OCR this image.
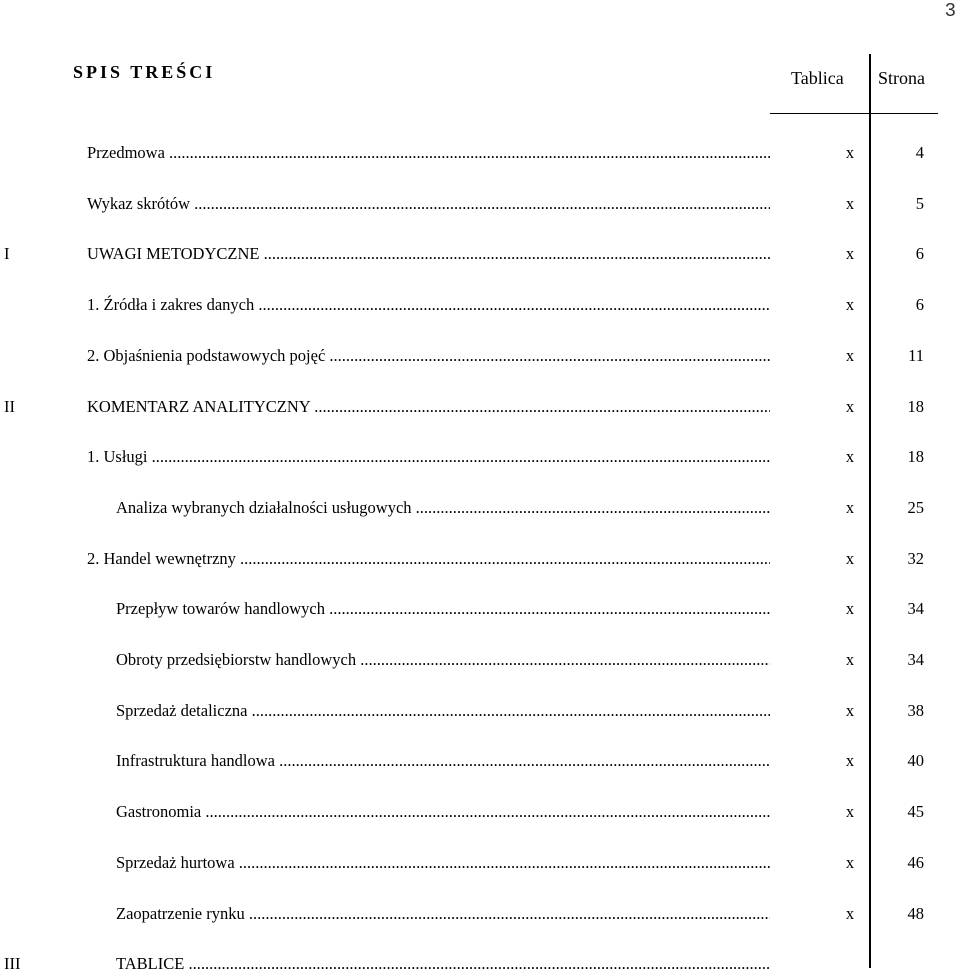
3
SPIS TREŚCI	Tablica Strona
Przedmowa .....	x	4
Wykaz skrótów .....	x	5
I	UWAGI METODYCZNE .....	x	6
1. Źródła i zakres danych .....	x	6
2. Objaśnienia podstawowych pojęć .....	x	11
II	KOMENTARZ ANALITYCZNY .....	x	18
1. Usługi .....	x	18
Analiza wybranych działalności usługowych .....	x	25
2. Handel wewnętrzny .....	x	32
Przepływ towarów handlowych .....	x	34
Obroty przedsiębiorstw handlowych .....	x	34
Sprzedaż detaliczna .....	x	38
Infrastruktura handlowa .....	x	40
Gastronomia .....	x	45
Sprzedaż hurtowa .....	x	46
Zaopatrzenie rynku .....	x	48
III	TABLICE .....
